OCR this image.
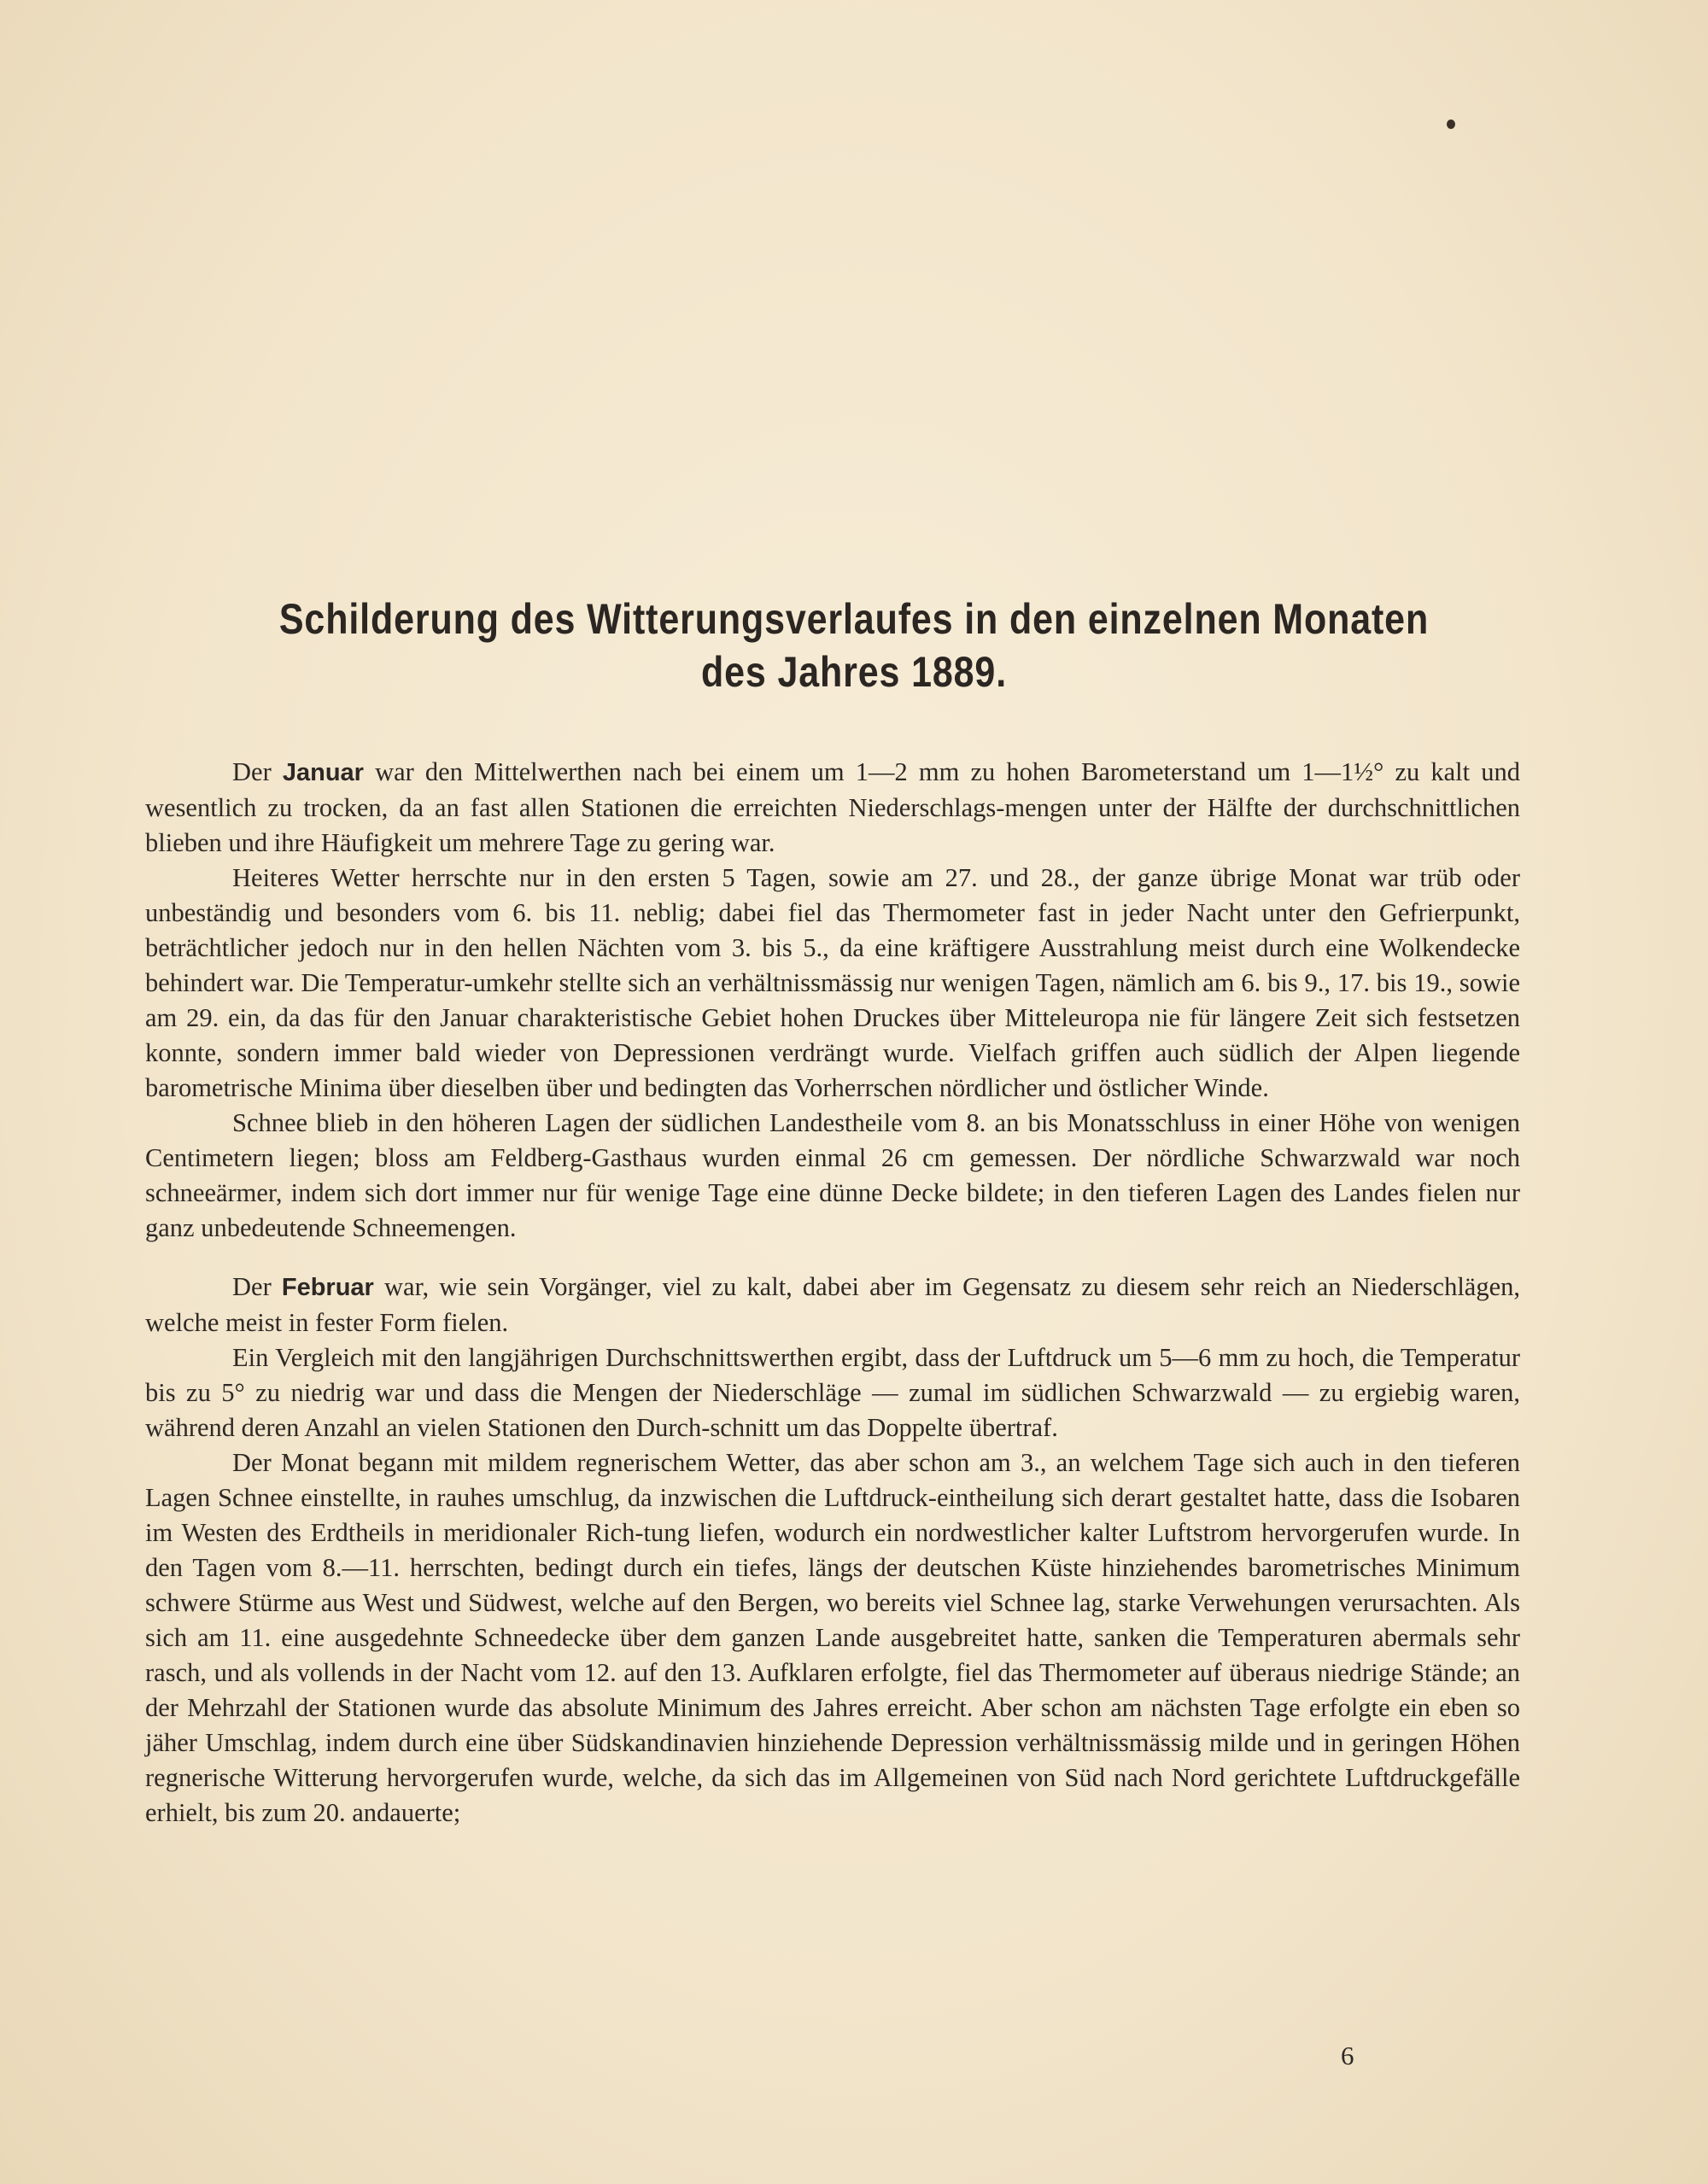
Schilderung des Witterungsverlaufes in den einzelnen Monaten
des Jahres 1889.

Der Januar war den Mittelwerthen nach bei einem um 1—2 mm zu hohen Barometerstand um 1—1½° zu kalt und wesentlich zu trocken, da an fast allen Stationen die erreichten Niederschlags-mengen unter der Hälfte der durchschnittlichen blieben und ihre Häufigkeit um mehrere Tage zu gering war.

Heiteres Wetter herrschte nur in den ersten 5 Tagen, sowie am 27. und 28., der ganze übrige Monat war trüb oder unbeständig und besonders vom 6. bis 11. neblig; dabei fiel das Thermometer fast in jeder Nacht unter den Gefrierpunkt, beträchtlicher jedoch nur in den hellen Nächten vom 3. bis 5., da eine kräftigere Ausstrahlung meist durch eine Wolkendecke behindert war. Die Temperatur-umkehr stellte sich an verhältnissmässig nur wenigen Tagen, nämlich am 6. bis 9., 17. bis 19., sowie am 29. ein, da das für den Januar charakteristische Gebiet hohen Druckes über Mitteleuropa nie für längere Zeit sich festsetzen konnte, sondern immer bald wieder von Depressionen verdrängt wurde. Vielfach griffen auch südlich der Alpen liegende barometrische Minima über dieselben über und bedingten das Vorherrschen nördlicher und östlicher Winde.

Schnee blieb in den höheren Lagen der südlichen Landestheile vom 8. an bis Monatsschluss in einer Höhe von wenigen Centimetern liegen; bloss am Feldberg-Gasthaus wurden einmal 26 cm gemessen. Der nördliche Schwarzwald war noch schneeärmer, indem sich dort immer nur für wenige Tage eine dünne Decke bildete; in den tieferen Lagen des Landes fielen nur ganz unbedeutende Schneemengen.

Der Februar war, wie sein Vorgänger, viel zu kalt, dabei aber im Gegensatz zu diesem sehr reich an Niederschlägen, welche meist in fester Form fielen.

Ein Vergleich mit den langjährigen Durchschnittswerthen ergibt, dass der Luftdruck um 5—6 mm zu hoch, die Temperatur bis zu 5° zu niedrig war und dass die Mengen der Niederschläge — zumal im südlichen Schwarzwald — zu ergiebig waren, während deren Anzahl an vielen Stationen den Durch-schnitt um das Doppelte übertraf.

Der Monat begann mit mildem regnerischem Wetter, das aber schon am 3., an welchem Tage sich auch in den tieferen Lagen Schnee einstellte, in rauhes umschlug, da inzwischen die Luftdruck-eintheilung sich derart gestaltet hatte, dass die Isobaren im Westen des Erdtheils in meridionaler Rich-tung liefen, wodurch ein nordwestlicher kalter Luftstrom hervorgerufen wurde. In den Tagen vom 8.—11. herrschten, bedingt durch ein tiefes, längs der deutschen Küste hinziehendes barometrisches Minimum schwere Stürme aus West und Südwest, welche auf den Bergen, wo bereits viel Schnee lag, starke Verwehungen verursachten. Als sich am 11. eine ausgedehnte Schneedecke über dem ganzen Lande ausgebreitet hatte, sanken die Temperaturen abermals sehr rasch, und als vollends in der Nacht vom 12. auf den 13. Aufklaren erfolgte, fiel das Thermometer auf überaus niedrige Stände; an der Mehrzahl der Stationen wurde das absolute Minimum des Jahres erreicht. Aber schon am nächsten Tage erfolgte ein eben so jäher Umschlag, indem durch eine über Südskandinavien hinziehende Depression verhältnissmässig milde und in geringen Höhen regnerische Witterung hervorgerufen wurde, welche, da sich das im Allgemeinen von Süd nach Nord gerichtete Luftdruckgefälle erhielt, bis zum 20. andauerte;

6
